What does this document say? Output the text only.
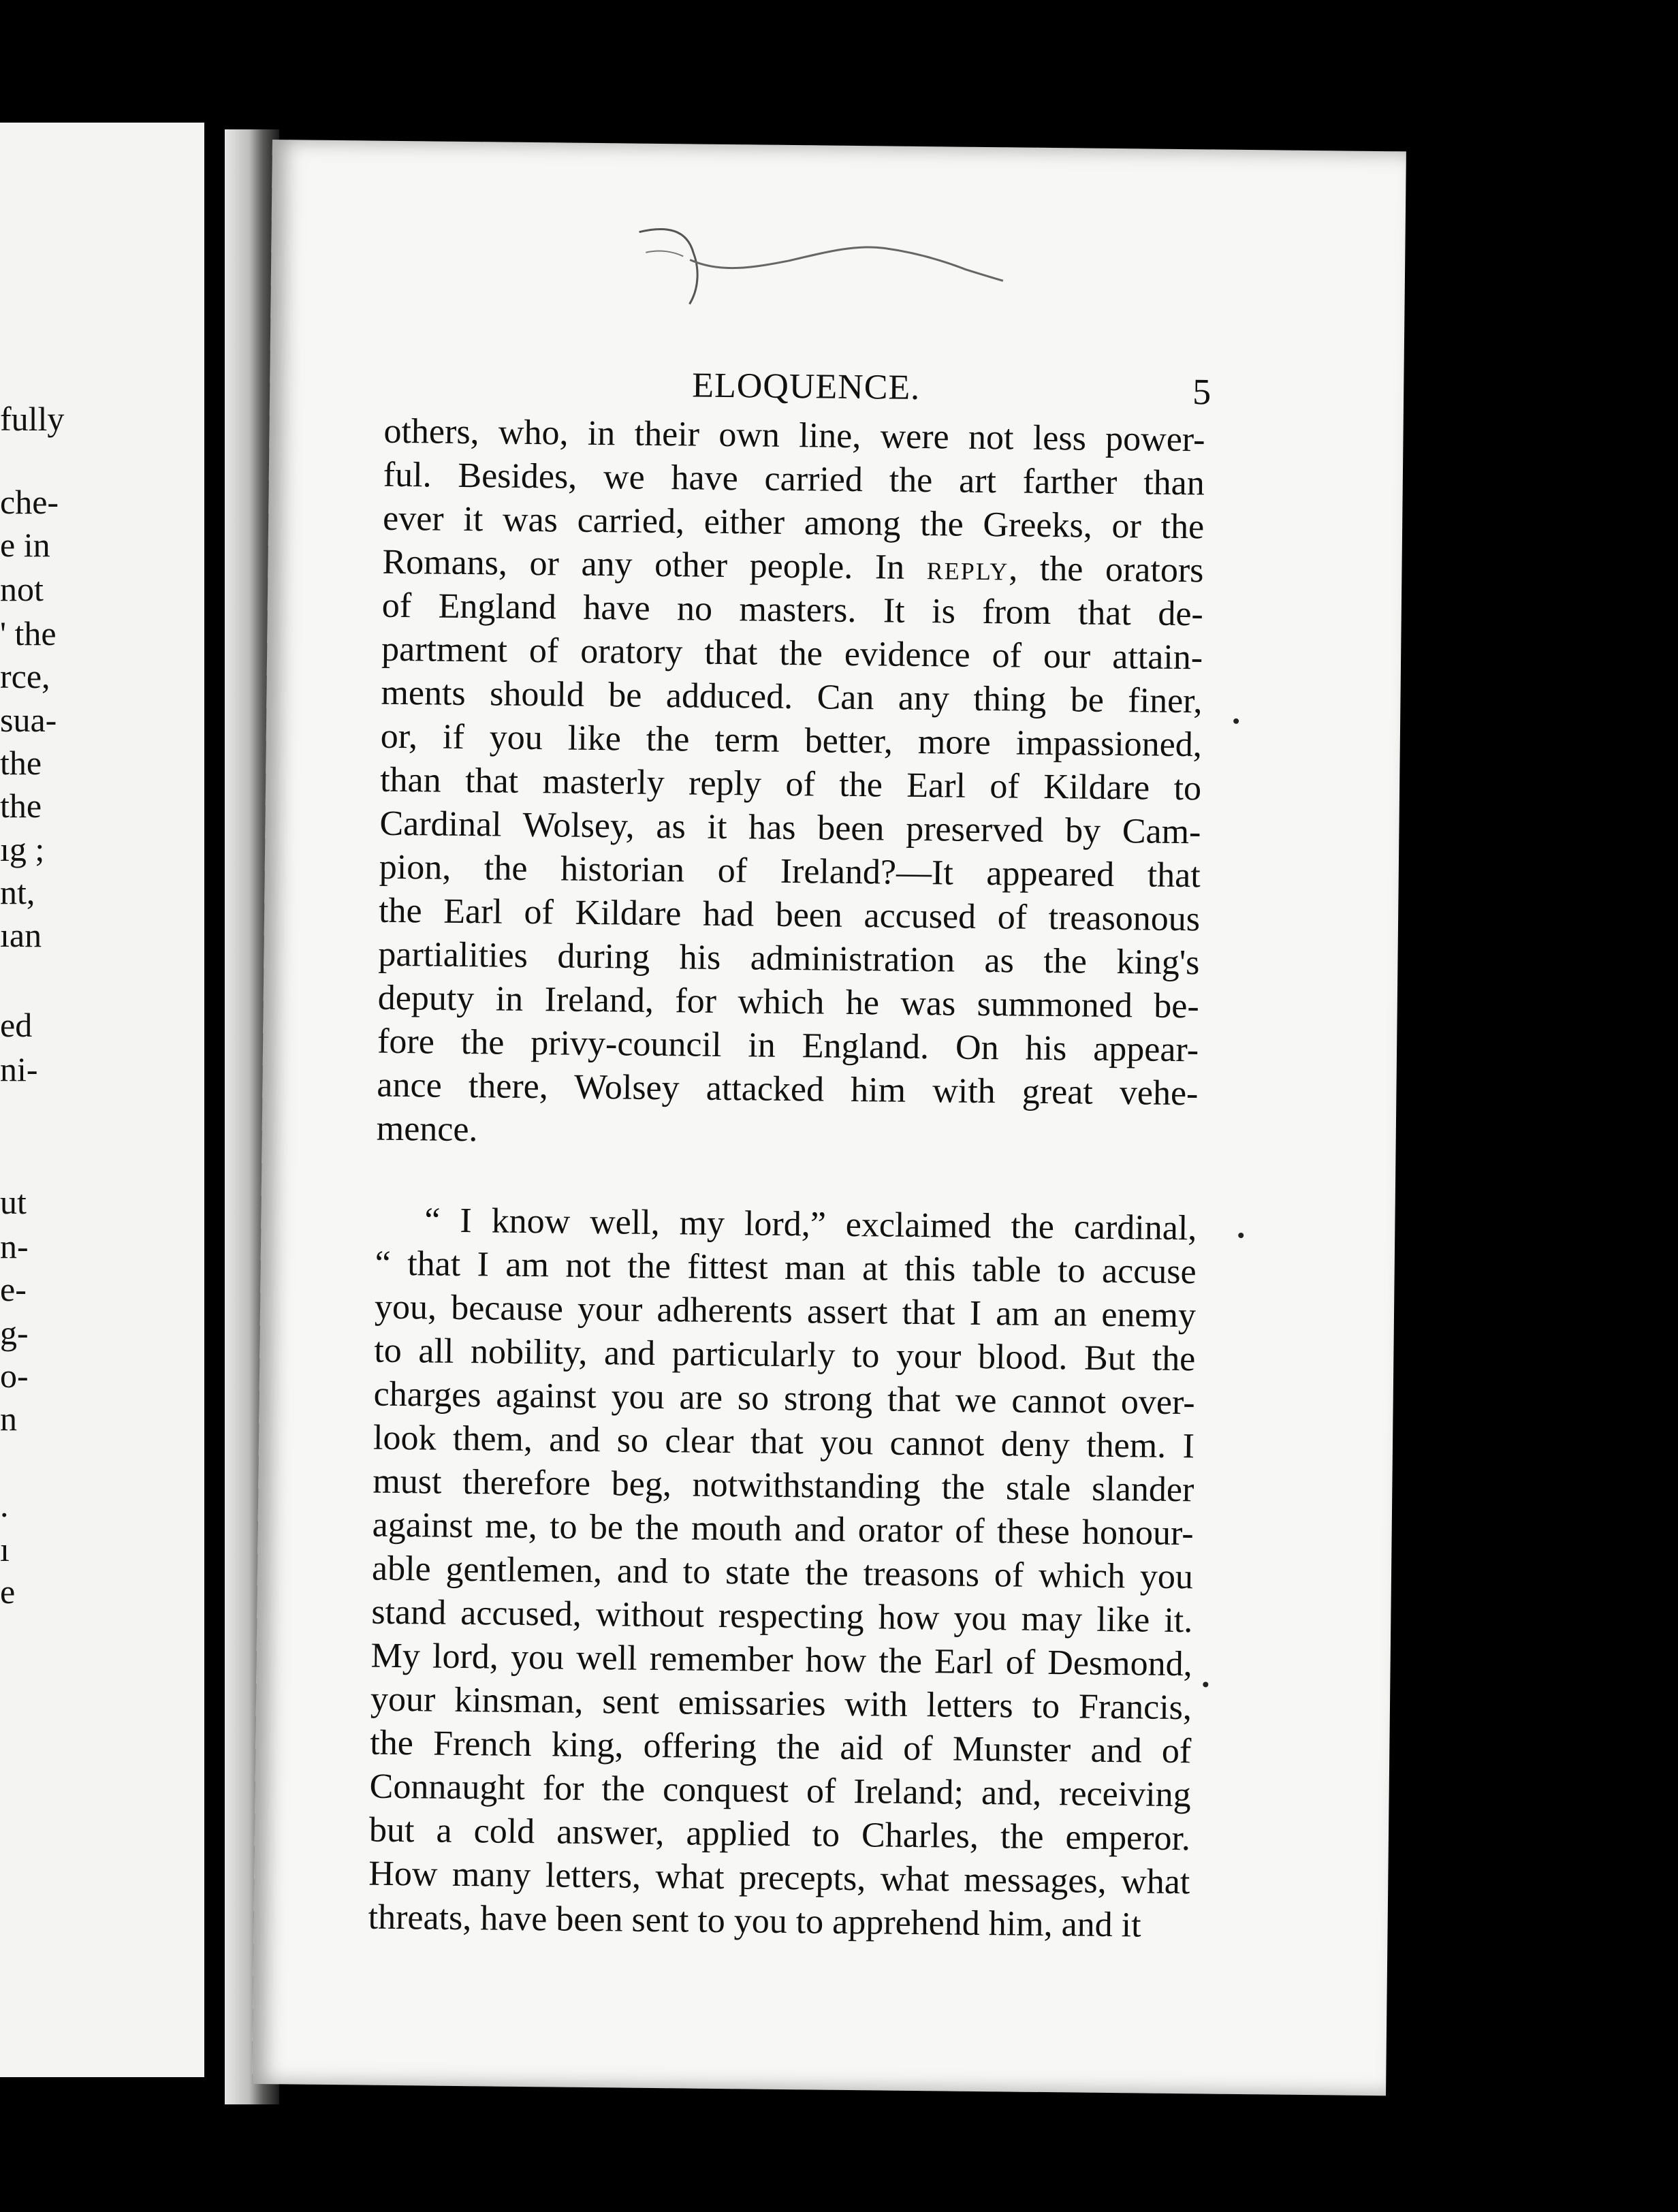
fully
che-
e in
not
' the
rce,
sua-
the
the
ıg ;
nt,
ıan
ed
ni-
ut
n-
e-
g-
o-
n
.
ı
e
ELOQUENCE.	5
others, who, in their own line, were not less power-
ful. Besides, we have carried the art farther than
ever it was carried, either among the Greeks, or the
Romans, or any other people. In reply, the orators
of England have no masters. It is from that de-
partment of oratory that the evidence of our attain-
ments should be adduced. Can any thing be finer,
or, if you like the term better, more impassioned,
than that masterly reply of the Earl of Kildare to
Cardinal Wolsey, as it has been preserved by Cam-
pion, the historian of Ireland?—It appeared that
the Earl of Kildare had been accused of treasonous
partialities during his administration as the king's
deputy in Ireland, for which he was summoned be-
fore the privy-council in England. On his appear-
ance there, Wolsey attacked him with great vehe-
mence.
“ I know well, my lord,” exclaimed the cardinal,
“ that I am not the fittest man at this table to accuse
you, because your adherents assert that I am an enemy
to all nobility, and particularly to your blood. But the
charges against you are so strong that we cannot over-
look them, and so clear that you cannot deny them. I
must therefore beg, notwithstanding the stale slander
against me, to be the mouth and orator of these honour-
able gentlemen, and to state the treasons of which you
stand accused, without respecting how you may like it.
My lord, you well remember how the Earl of Desmond,
your kinsman, sent emissaries with letters to Francis,
the French king, offering the aid of Munster and of
Connaught for the conquest of Ireland; and, receiving
but a cold answer, applied to Charles, the emperor.
How many letters, what precepts, what messages, what
threats, have been sent to you to apprehend him, and it
